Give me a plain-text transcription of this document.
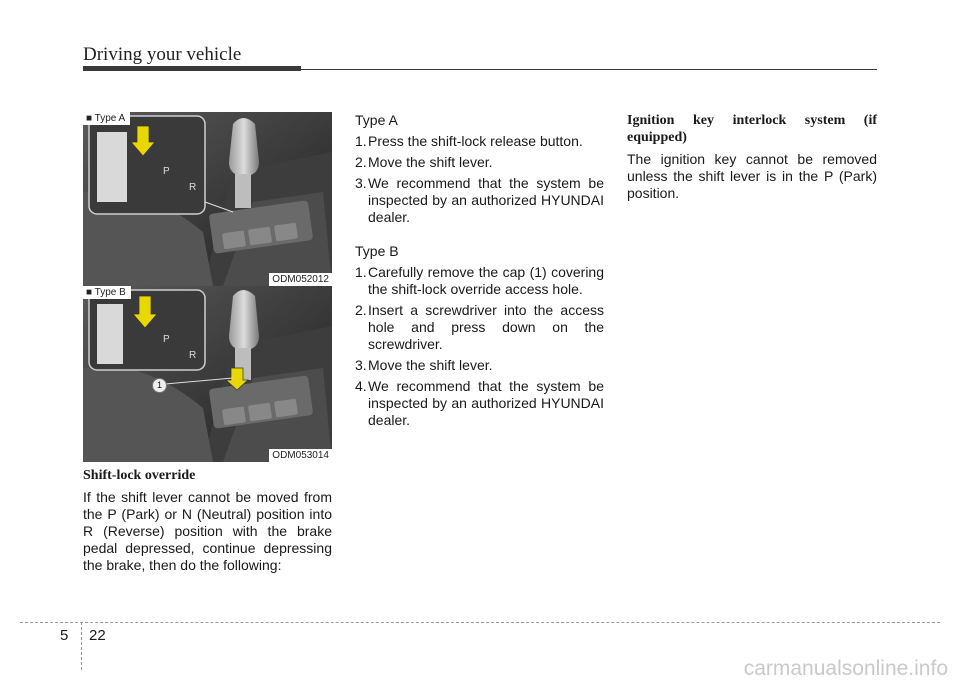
Driving your vehicle
P
R
■ Type A
ODM052012
P
R
■ Type B
1
ODM053014
Shift-lock override

If the shift lever cannot be moved from the P (Park) or N (Neutral) position into R (Reverse) position with the brake pedal depressed, continue depressing the brake, then do the following:

Type A
1. Press the shift-lock release button.
2. Move the shift lever.
3. We recommend that the system be inspected by an authorized HYUNDAI dealer.
Type B
1. Carefully remove the cap (1) covering the shift-lock override access hole.
2. Insert a screwdriver into the access hole and press down on the screwdriver.
3. Move the shift lever.
4. We recommend that the system be inspected by an authorized HYUNDAI dealer.
Ignition key interlock system (if equipped)

The ignition key cannot be removed unless the shift lever is in the P (Park) position.

5 22
carmanualsonline.info
